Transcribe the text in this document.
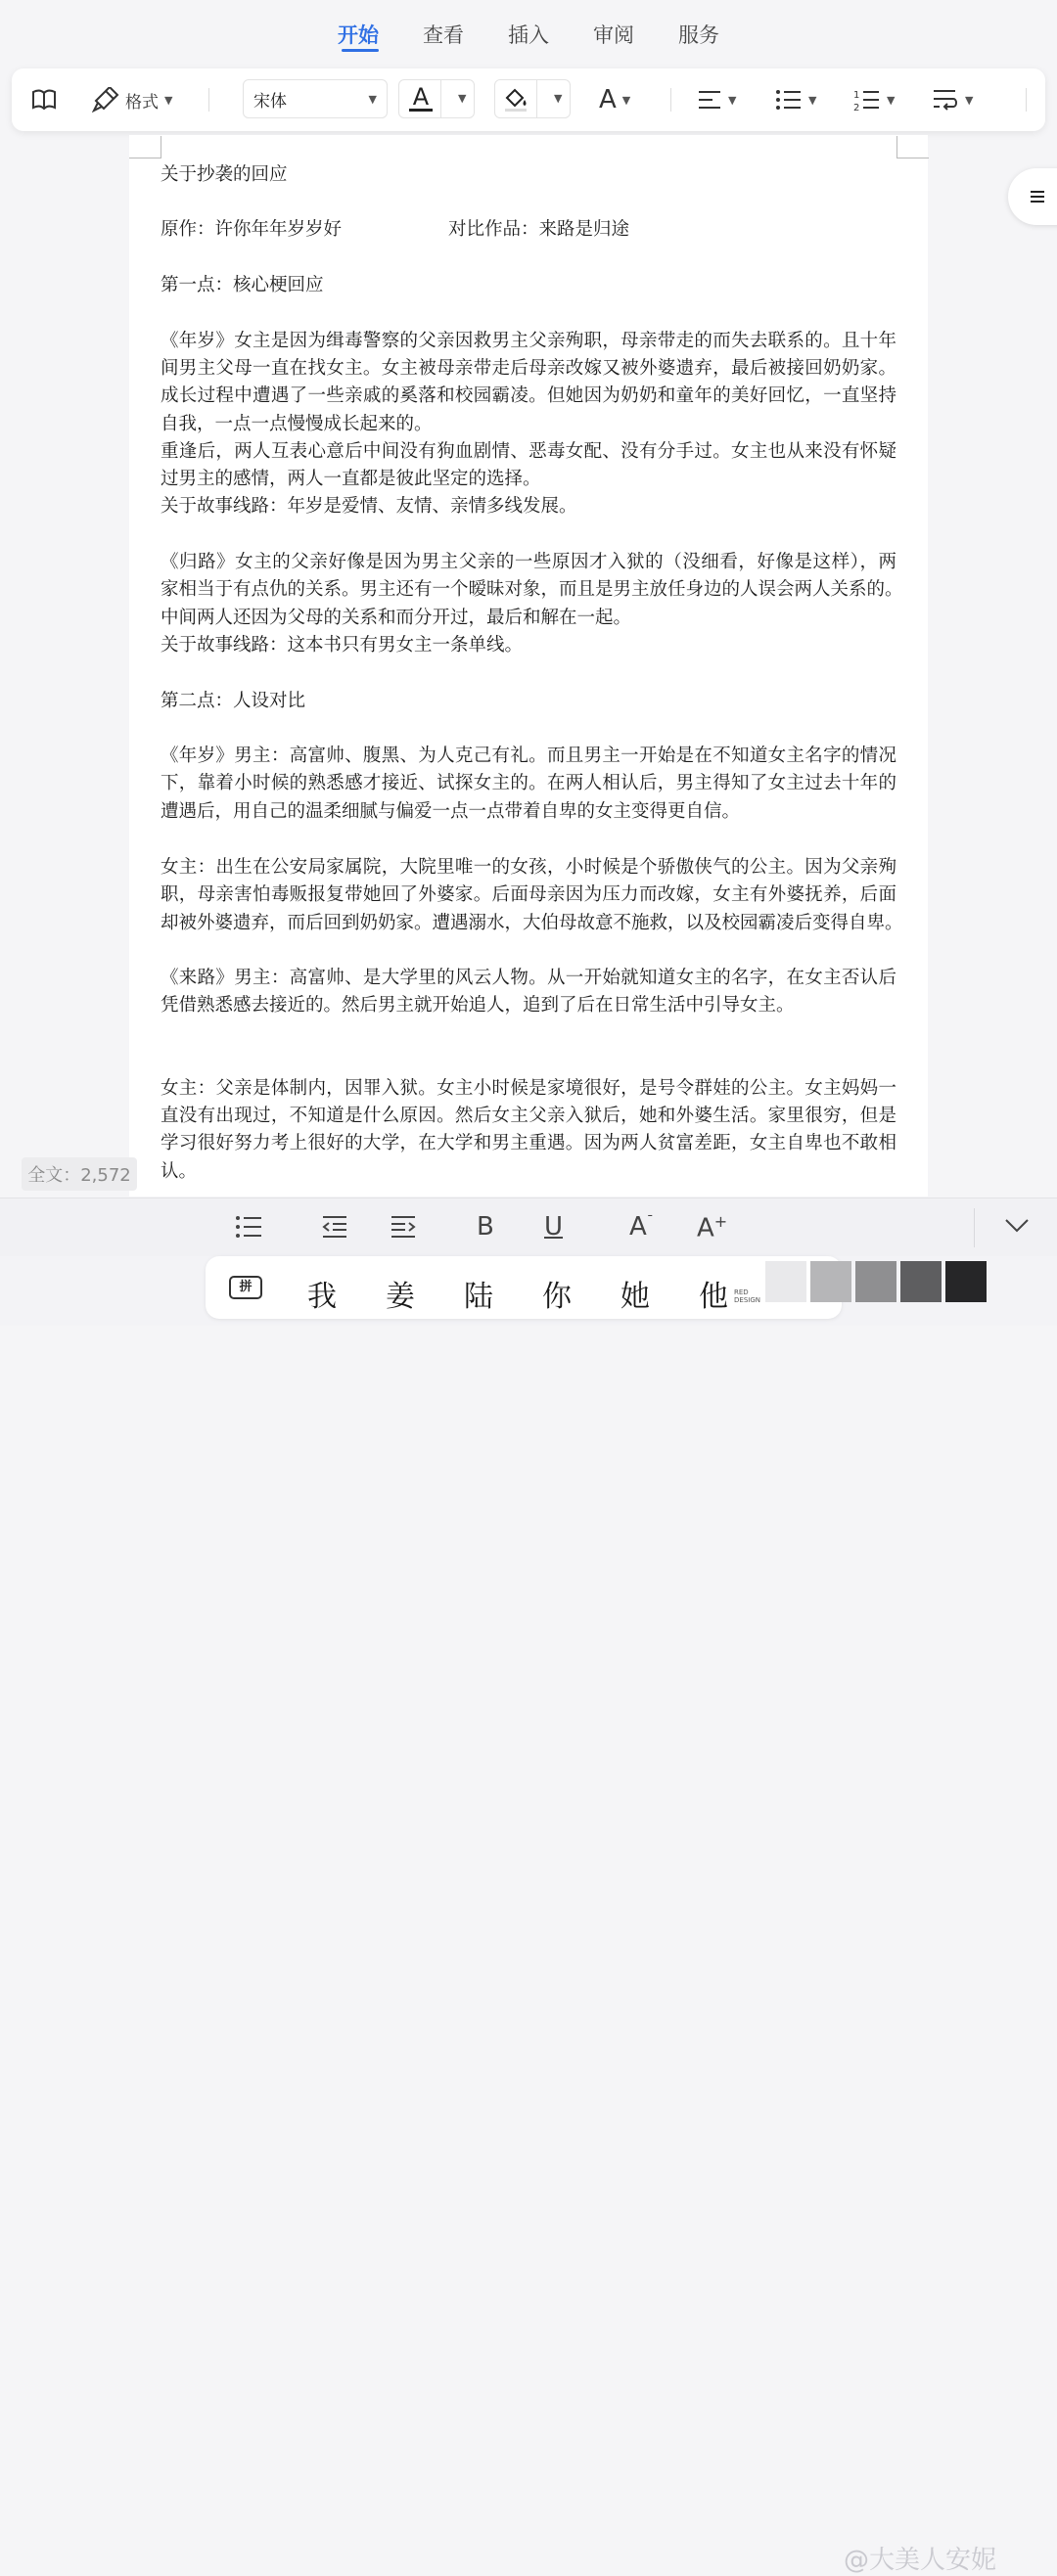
开始 查看 插入 审阅 服务
格式 ▼	宋体	▼ A	▼	▼ A ▼	▼	▼	1
2
▼	▼
关于抄袭的回应
原作：许你年年岁岁好	对比作品：来路是归途
第一点：核心梗回应
《年岁》女主是因为缉毒警察的父亲因救男主父亲殉职，母亲带走的而失去联系的。且十年
间男主父母一直在找女主。女主被母亲带走后母亲改嫁又被外婆遗弃，最后被接回奶奶家。
成长过程中遭遇了一些亲戚的奚落和校园霸凌。但她因为奶奶和童年的美好回忆，一直坚持
自我，一点一点慢慢成长起来的。
重逢后，两人互表心意后中间没有狗血剧情、恶毒女配、没有分手过。女主也从来没有怀疑
过男主的感情，两人一直都是彼此坚定的选择。
关于故事线路：年岁是爱情、友情、亲情多线发展。
《归路》女主的父亲好像是因为男主父亲的一些原因才入狱的（没细看，好像是这样），两
家相当于有点仇的关系。男主还有一个暧昧对象，而且是男主放任身边的人误会两人关系的。
中间两人还因为父母的关系和而分开过，最后和解在一起。
关于故事线路：这本书只有男女主一条单线。
第二点：人设对比
《年岁》男主：高富帅、腹黑、为人克己有礼。而且男主一开始是在不知道女主名字的情况
下，靠着小时候的熟悉感才接近、试探女主的。在两人相认后，男主得知了女主过去十年的
遭遇后，用自己的温柔细腻与偏爱一点一点带着自卑的女主变得更自信。
女主：出生在公安局家属院，大院里唯一的女孩，小时候是个骄傲侠气的公主。因为父亲殉
职，母亲害怕毒贩报复带她回了外婆家。后面母亲因为压力而改嫁，女主有外婆抚养，后面
却被外婆遗弃，而后回到奶奶家。遭遇溺水，大伯母故意不施救，以及校园霸凌后变得自卑。
《来路》男主：高富帅、是大学里的风云人物。从一开始就知道女主的名字，在女主否认后
凭借熟悉感去接近的。然后男主就开始追人，追到了后在日常生活中引导女主。
女主：父亲是体制内，因罪入狱。女主小时候是家境很好，是号令群娃的公主。女主妈妈一
直没有出现过，不知道是什么原因。然后女主父亲入狱后，她和外婆生活。家里很穷，但是
学习很好努力考上很好的大学，在大学和男主重遇。因为两人贫富差距，女主自卑也不敢相
认。
全文：2,572
B U	A¯ A+
拼	我 姜 陆 你 她 他 RED DESIGN
@大美人安妮
